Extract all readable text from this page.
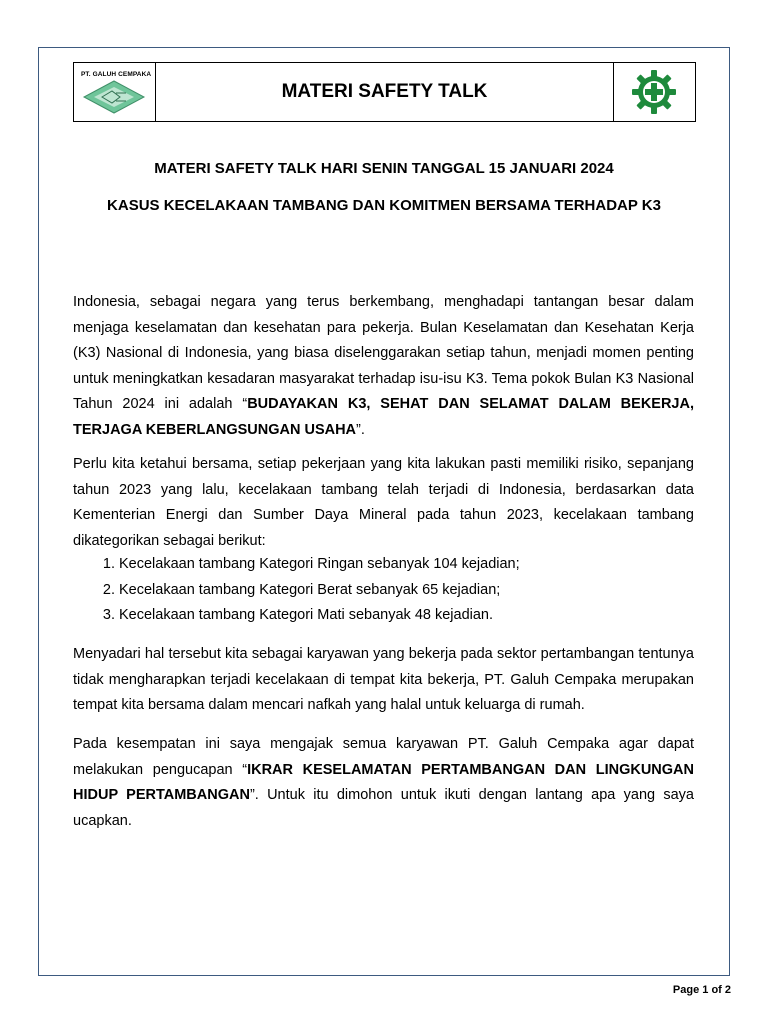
PT. GALUH CEMPAKA
MATERI SAFETY TALK
MATERI SAFETY TALK HARI SENIN TANGGAL 15 JANUARI 2024
KASUS KECELAKAAN TAMBANG DAN KOMITMEN BERSAMA TERHADAP K3

Indonesia, sebagai negara yang terus berkembang, menghadapi tantangan besar dalam menjaga keselamatan dan kesehatan para pekerja. Bulan Keselamatan dan Kesehatan Kerja (K3) Nasional di Indonesia, yang biasa diselenggarakan setiap tahun, menjadi momen penting untuk meningkatkan kesadaran masyarakat terhadap isu-isu K3. Tema pokok Bulan K3 Nasional Tahun 2024 ini adalah “BUDAYAKAN K3, SEHAT DAN SELAMAT DALAM BEKERJA, TERJAGA KEBERLANGSUNGAN USAHA”.

Perlu kita ketahui bersama, setiap pekerjaan yang kita lakukan pasti memiliki risiko, sepanjang tahun 2023 yang lalu, kecelakaan tambang telah terjadi di Indonesia, berdasarkan data Kementerian Energi dan Sumber Daya Mineral pada tahun 2023, kecelakaan tambang dikategorikan sebagai berikut:

1. Kecelakaan tambang Kategori Ringan sebanyak 104 kejadian;
2. Kecelakaan tambang Kategori Berat sebanyak 65 kejadian;
3. Kecelakaan tambang Kategori Mati sebanyak 48 kejadian.

Menyadari hal tersebut kita sebagai karyawan yang bekerja pada sektor pertambangan tentunya tidak mengharapkan terjadi kecelakaan di tempat kita bekerja, PT. Galuh Cempaka merupakan tempat kita bersama dalam mencari nafkah yang halal untuk keluarga di rumah.

Pada kesempatan ini saya mengajak semua karyawan PT. Galuh Cempaka agar dapat melakukan pengucapan “IKRAR KESELAMATAN PERTAMBANGAN DAN LINGKUNGAN HIDUP PERTAMBANGAN”. Untuk itu dimohon untuk ikuti dengan lantang apa yang saya ucapkan.

Page 1 of 2
